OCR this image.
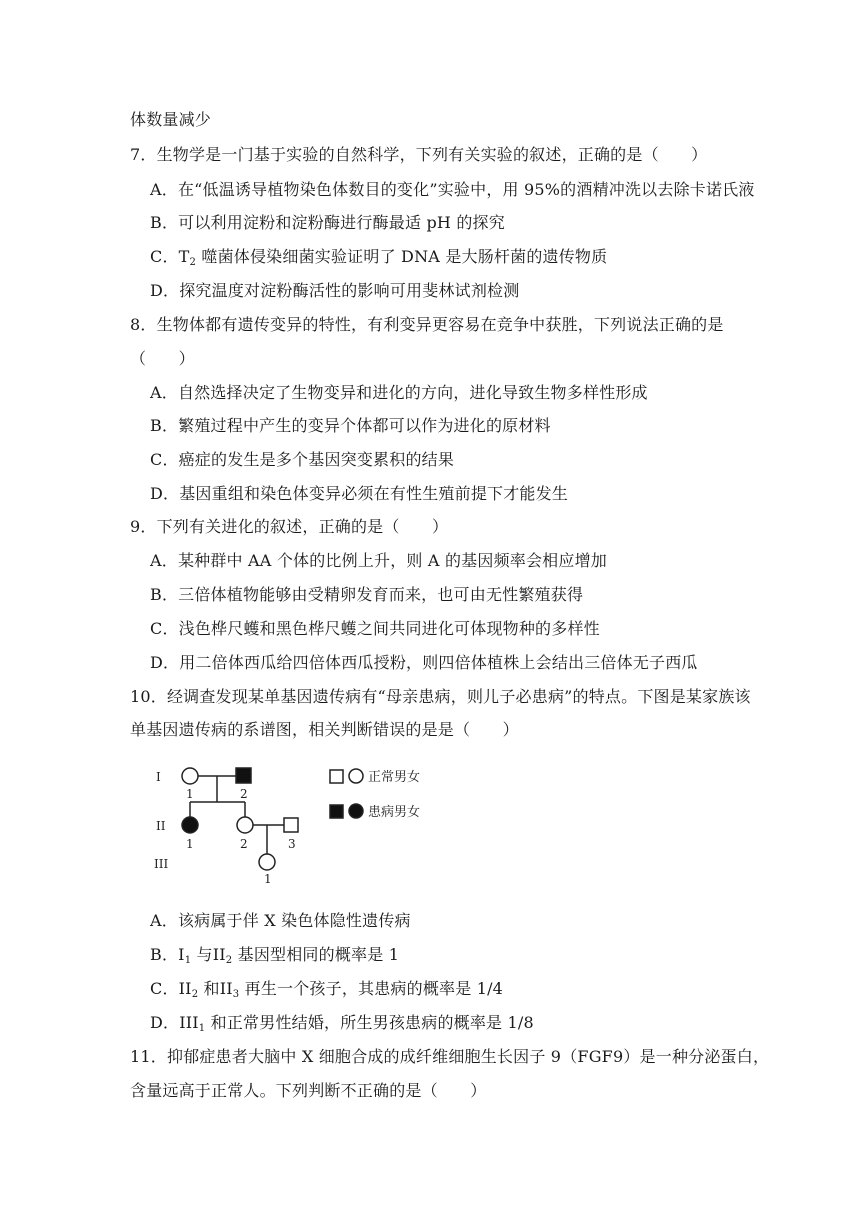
体数量减少
7．生物学是一门基于实验的自然科学，下列有关实验的叙述，正确的是（　　）
A．在“低温诱导植物染色体数目的变化”实验中，用 95%的酒精冲洗以去除卡诺氏液
B．可以利用淀粉和淀粉酶进行酶最适 pH 的探究
C．$T_2$ 噬菌体侵染细菌实验证明了 DNA 是大肠杆菌的遗传物质
D．探究温度对淀粉酶活性的影响可用斐林试剂检测
8．生物体都有遗传变异的特性，有利变异更容易在竞争中获胜，下列说法正确的是
（　　）
A．自然选择决定了生物变异和进化的方向，进化导致生物多样性形成
B．繁殖过程中产生的变异个体都可以作为进化的原材料
C．癌症的发生是多个基因突变累积的结果
D．基因重组和染色体变异必须在有性生殖前提下才能发生
9．下列有关进化的叙述，正确的是（　　）
A．某种群中 AA 个体的比例上升，则 A 的基因频率会相应增加
B．三倍体植物能够由受精卵发育而来，也可由无性繁殖获得
C．浅色桦尺蠖和黑色桦尺蠖之间共同进化可体现物种的多样性
D．用二倍体西瓜给四倍体西瓜授粉，则四倍体植株上会结出三倍体无子西瓜
10．经调查发现某单基因遗传病有“母亲患病，则儿子必患病”的特点。下图是某家族该
单基因遗传病的系谱图，相关判断错误的是是（　　）
I
II
III
1	2
1	2	3
1
正常男女
患病男女
A．该病属于伴 X 染色体隐性遗传病
B．$I_1$ 与$II_2$ 基因型相同的概率是 1
C．$II_2$ 和$II_3$ 再生一个孩子，其患病的概率是 1/4
D．$III_1$ 和正常男性结婚，所生男孩患病的概率是 1/8
11．抑郁症患者大脑中 X 细胞合成的成纤维细胞生长因子 9（FGF9）是一种分泌蛋白，
含量远高于正常人。下列判断不正确的是（　　）
